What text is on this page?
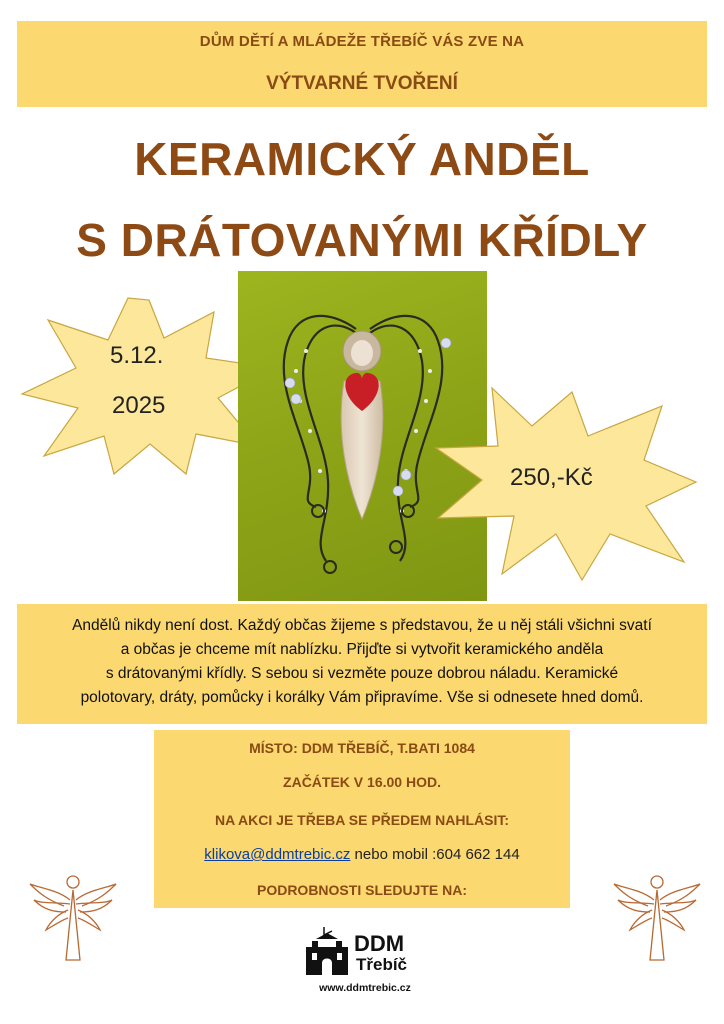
DŮM DĚTÍ A MLÁDEŽE TŘEBÍČ VÁS ZVE NA
VÝTVARNÉ TVOŘENÍ
KERAMICKÝ ANDĚL
S DRÁTOVANÝMI KŘÍDLY
5.12.
2025
250,-Kč

Andělů nikdy není dost. Každý občas žijeme s představou, že u něj stáli všichni svatí

a občas je chceme mít nablízku. Přijďte si vytvořit keramického anděla

s drátovanými křídly. S sebou si vezměte pouze dobrou náladu. Keramické

polotovary, dráty, pomůcky i korálky Vám připravíme. Vše si odnesete hned domů.

MÍSTO: DDM TŘEBÍČ, T.BATI 1084
ZAČÁTEK V 16.00 HOD.
NA AKCI JE TŘEBA SE PŘEDEM NAHLÁSIT:
klikova@ddmtrebic.cz nebo mobil :604 662 144
PODROBNOSTI SLEDUJTE NA:
DDM
Třebíč
www.ddmtrebic.cz
